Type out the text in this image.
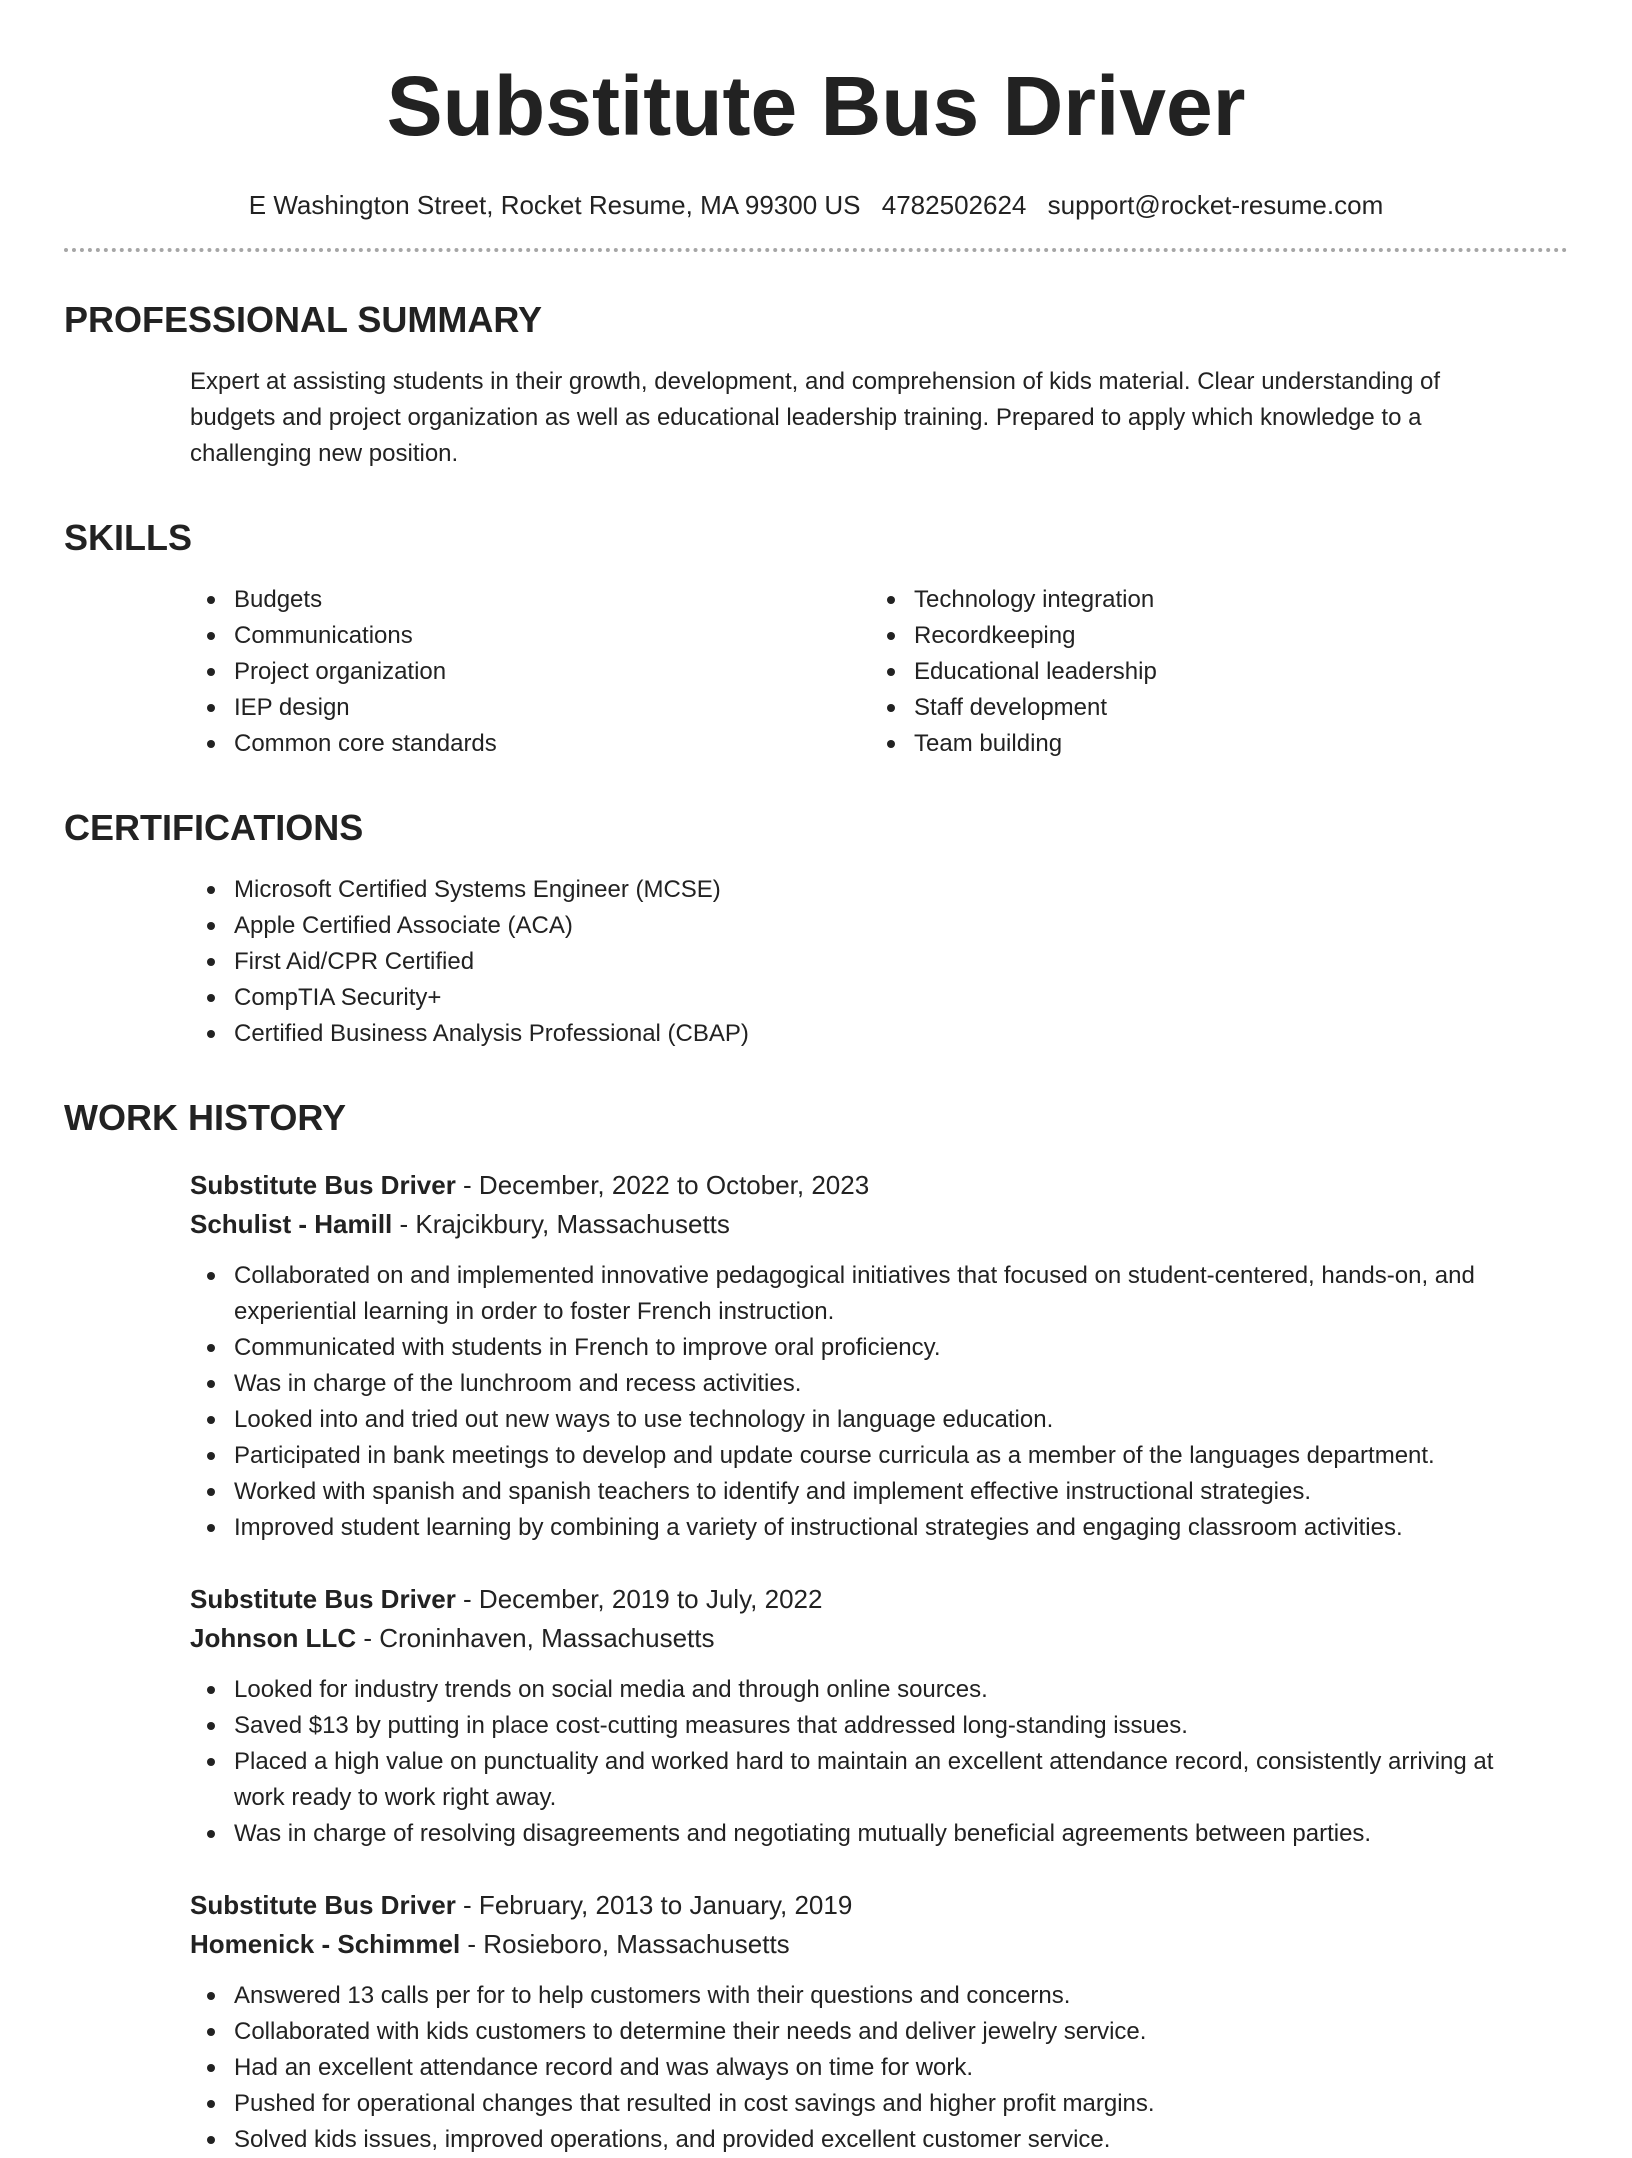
Substitute Bus Driver
E Washington Street, Rocket Resume, MA 99300 US 4782502624 support@rocket-resume.com
PROFESSIONAL SUMMARY
Expert at assisting students in their growth, development, and comprehension of kids material. Clear understanding of budgets and project organization as well as educational leadership training. Prepared to apply which knowledge to a challenging new position.
SKILLS
Budgets
Communications
Project organization
IEP design
Common core standards
Technology integration
Recordkeeping
Educational leadership
Staff development
Team building
CERTIFICATIONS
Microsoft Certified Systems Engineer (MCSE)
Apple Certified Associate (ACA)
First Aid/CPR Certified
CompTIA Security+
Certified Business Analysis Professional (CBAP)
WORK HISTORY
Substitute Bus Driver - December, 2022 to October, 2023
Schulist - Hamill - Krajcikbury, Massachusetts
Collaborated on and implemented innovative pedagogical initiatives that focused on student-centered, hands-on, and experiential learning in order to foster French instruction.
Communicated with students in French to improve oral proficiency.
Was in charge of the lunchroom and recess activities.
Looked into and tried out new ways to use technology in language education.
Participated in bank meetings to develop and update course curricula as a member of the languages department.
Worked with spanish and spanish teachers to identify and implement effective instructional strategies.
Improved student learning by combining a variety of instructional strategies and engaging classroom activities.
Substitute Bus Driver - December, 2019 to July, 2022
Johnson LLC - Croninhaven, Massachusetts
Looked for industry trends on social media and through online sources.
Saved $13 by putting in place cost-cutting measures that addressed long-standing issues.
Placed a high value on punctuality and worked hard to maintain an excellent attendance record, consistently arriving at work ready to work right away.
Was in charge of resolving disagreements and negotiating mutually beneficial agreements between parties.
Substitute Bus Driver - February, 2013 to January, 2019
Homenick - Schimmel - Rosieboro, Massachusetts
Answered 13 calls per for to help customers with their questions and concerns.
Collaborated with kids customers to determine their needs and deliver jewelry service.
Had an excellent attendance record and was always on time for work.
Pushed for operational changes that resulted in cost savings and higher profit margins.
Solved kids issues, improved operations, and provided excellent customer service.
